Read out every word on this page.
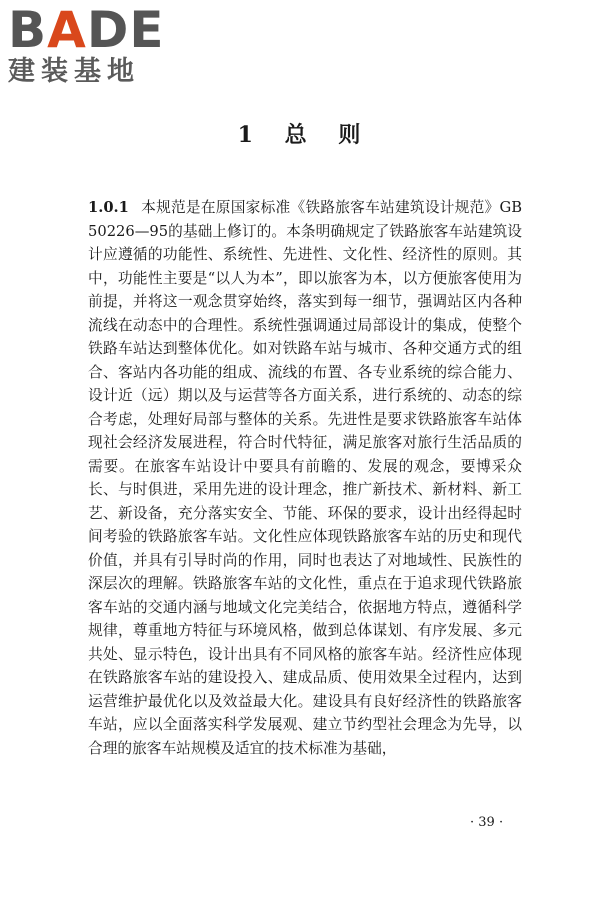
BADE
建装基地
1 总 则

1.0.1 本规范是在原国家标准《铁路旅客车站建筑设计规范》GB 50226—95的基础上修订的。本条明确规定了铁路旅客车站建筑设计应遵循的功能性、系统性、先进性、文化性、经济性的原则。其中，功能性主要是“以人为本”，即以旅客为本，以方便旅客使用为前提，并将这一观念贯穿始终，落实到每一细节，强调站区内各种流线在动态中的合理性。系统性强调通过局部设计的集成，使整个铁路车站达到整体优化。如对铁路车站与城市、各种交通方式的组合、客站内各功能的组成、流线的布置、各专业系统的综合能力、设计近（远）期以及与运营等各方面关系，进行系统的、动态的综合考虑，处理好局部与整体的关系。先进性是要求铁路旅客车站体现社会经济发展进程，符合时代特征，满足旅客对旅行生活品质的需要。在旅客车站设计中要具有前瞻的、发展的观念，要博采众长、与时俱进，采用先进的设计理念，推广新技术、新材料、新工艺、新设备，充分落实安全、节能、环保的要求，设计出经得起时间考验的铁路旅客车站。文化性应体现铁路旅客车站的历史和现代价值，并具有引导时尚的作用，同时也表达了对地域性、民族性的深层次的理解。铁路旅客车站的文化性，重点在于追求现代铁路旅客车站的交通内涵与地域文化完美结合，依据地方特点，遵循科学规律，尊重地方特征与环境风格，做到总体谋划、有序发展、多元共处、显示特色，设计出具有不同风格的旅客车站。经济性应体现在铁路旅客车站的建设投入、建成品质、使用效果全过程内，达到运营维护最优化以及效益最大化。建设具有良好经济性的铁路旅客车站，应以全面落实科学发展观、建立节约型社会理念为先导，以合理的旅客车站规模及适宜的技术标准为基础，

· 39 ·
